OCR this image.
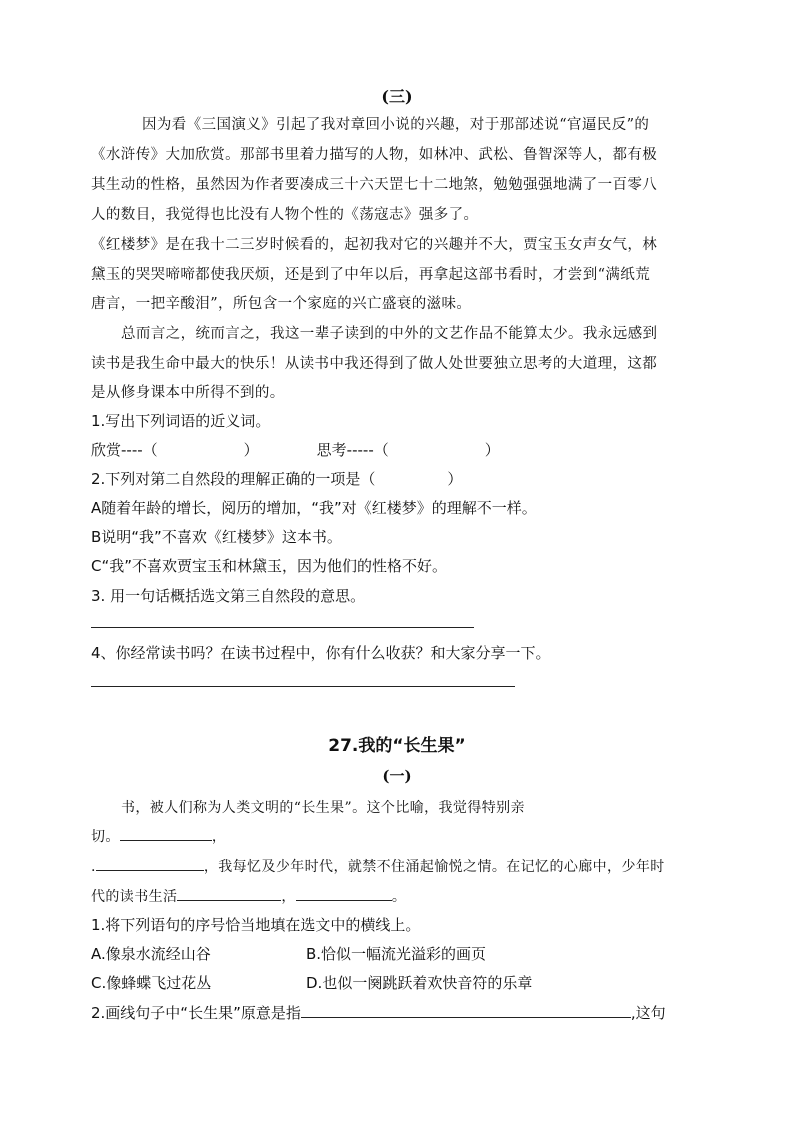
(三)
因为看《三国演义》引起了我对章回小说的兴趣，对于那部述说“官逼民反”的
《水浒传》大加欣赏。那部书里着力描写的人物，如林冲、武松、鲁智深等人，都有极
其生动的性格，虽然因为作者要凑成三十六天罡七十二地煞，勉勉强强地满了一百零八
人的数目，我觉得也比没有人物个性的《荡寇志》强多了。
《红楼梦》是在我十二三岁时候看的，起初我对它的兴趣并不大，贾宝玉女声女气，林
黛玉的哭哭啼啼都使我厌烦，还是到了中年以后，再拿起这部书看时，才尝到“满纸荒
唐言，一把辛酸泪”，所包含一个家庭的兴亡盛衰的滋味。
总而言之，统而言之，我这一辈子读到的中外的文艺作品不能算太少。我永远感到
读书是我生命中最大的快乐！从读书中我还得到了做人处世要独立思考的大道理，这都
是从修身课本中所得不到的。
1.写出下列词语的近义词。
欣赏----（	）	思考-----（	）
2.下列对第二自然段的理解正确的一项是（	）
A随着年龄的增长，阅历的增加，“我”对《红楼梦》的理解不一样。
B说明“我”不喜欢《红楼梦》这本书。
C“我”不喜欢贾宝玉和林黛玉，因为他们的性格不好。
3. 用一句话概括选文第三自然段的意思。
4、你经常读书吗？在读书过程中，你有什么收获？和大家分享一下。
27.我的“长生果”
(一)
书，被人们称为人类文明的“长生果”。这个比喻，我觉得特别亲
切。	，
.	，我每忆及少年时代，就禁不住涌起愉悦之情。在记忆的心廊中，少年时
代的读书生活	，	。
1.将下列语句的序号恰当地填在选文中的横线上。
A.像泉水流经山谷	B.恰似一幅流光溢彩的画页
C.像蜂蝶飞过花丛	D.也似一阕跳跃着欢快音符的乐章
2.画线句子中“长生果”原意是指	,这句
